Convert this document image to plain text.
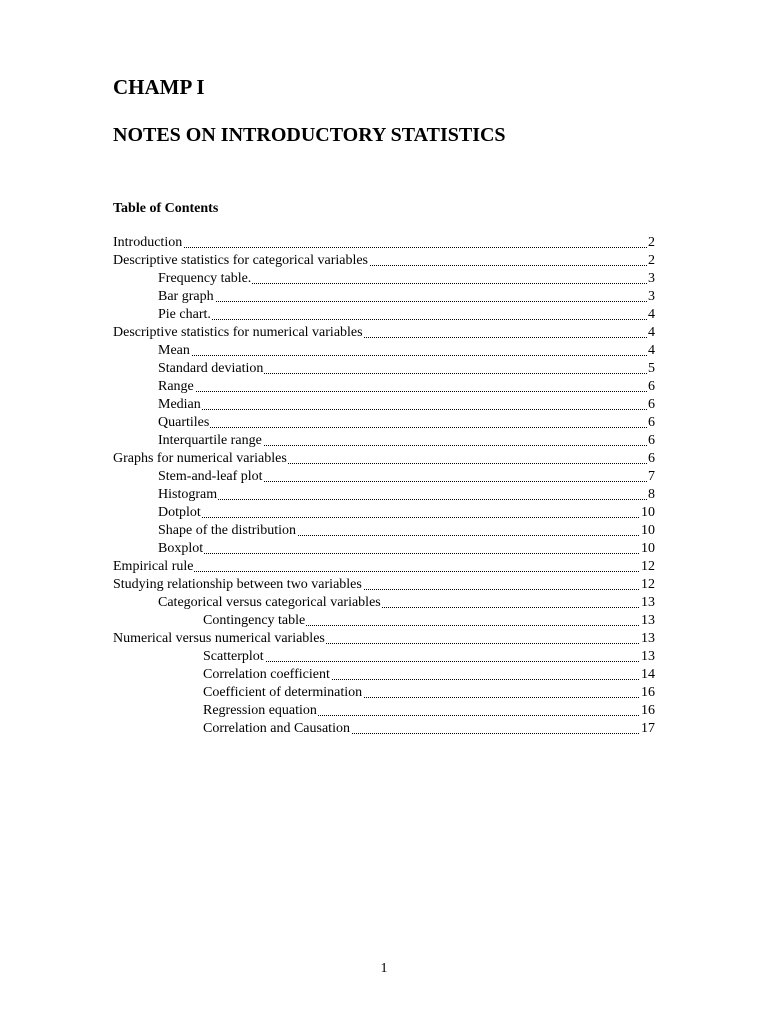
CHAMP I
NOTES ON INTRODUCTORY STATISTICS
Table of Contents
Introduction	2
Descriptive statistics for categorical variables	2
Frequency table.	3
Bar graph	3
Pie chart.	4
Descriptive statistics for numerical variables	4
Mean	4
Standard deviation	5
Range	6
Median	6
Quartiles	6
Interquartile range	6
Graphs for numerical variables	6
Stem-and-leaf plot	7
Histogram	8
Dotplot	10
Shape of the distribution	10
Boxplot	10
Empirical rule	12
Studying relationship between two variables	12
Categorical versus categorical variables	13
Contingency table	13
Numerical versus numerical variables	13
Scatterplot	13
Correlation coefficient	14
Coefficient of determination	16
Regression equation	16
Correlation and Causation	17
1
